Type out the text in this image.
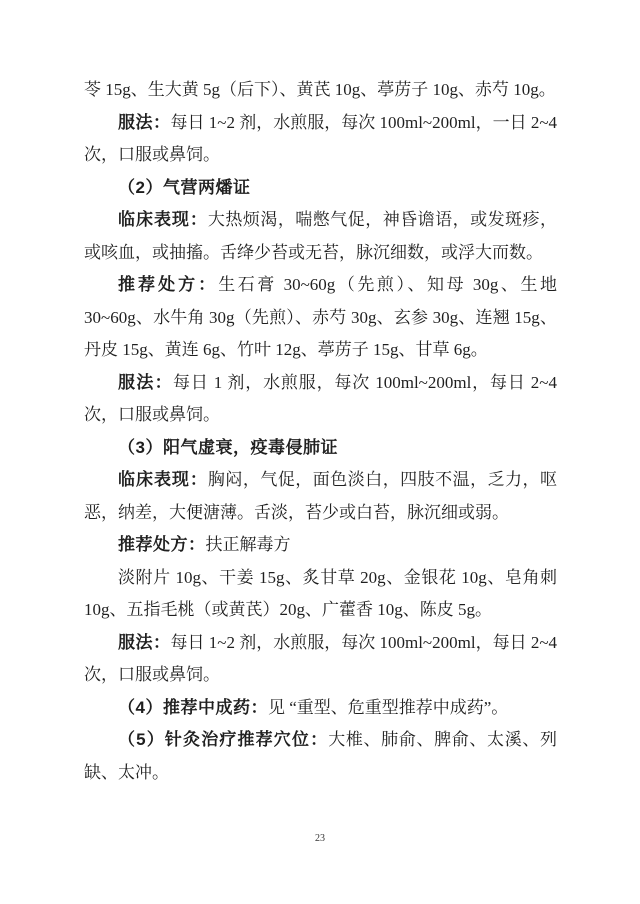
苓 15g、生大黄 5g（后下）、黄芪 10g、葶苈子 10g、赤芍 10g。

服法：每日 1~2 剂，水煎服，每次 100ml~200ml，一日 2~4 次，口服或鼻饲。

（2）气营两燔证

临床表现：大热烦渴，喘憋气促，神昏谵语，或发斑疹，或咳血，或抽搐。舌绛少苔或无苔，脉沉细数，或浮大而数。

推荐处方：生石膏 30~60g（先煎）、知母 30g、生地 30~60g、水牛角 30g（先煎）、赤芍 30g、玄参 30g、连翘 15g、丹皮 15g、黄连 6g、竹叶 12g、葶苈子 15g、甘草 6g。

服法：每日 1 剂，水煎服，每次 100ml~200ml，每日 2~4 次，口服或鼻饲。

（3）阳气虚衰，疫毒侵肺证

临床表现：胸闷，气促，面色淡白，四肢不温，乏力，呕恶，纳差，大便溏薄。舌淡，苔少或白苔，脉沉细或弱。

推荐处方：扶正解毒方

淡附片 10g、干姜 15g、炙甘草 20g、金银花 10g、皂角刺 10g、五指毛桃（或黄芪）20g、广藿香 10g、陈皮 5g。

服法：每日 1~2 剂，水煎服，每次 100ml~200ml，每日 2~4 次，口服或鼻饲。

（4）推荐中成药：见 “重型、危重型推荐中成药”。

（5）针灸治疗推荐穴位：大椎、肺俞、脾俞、太溪、列缺、太冲。

23
